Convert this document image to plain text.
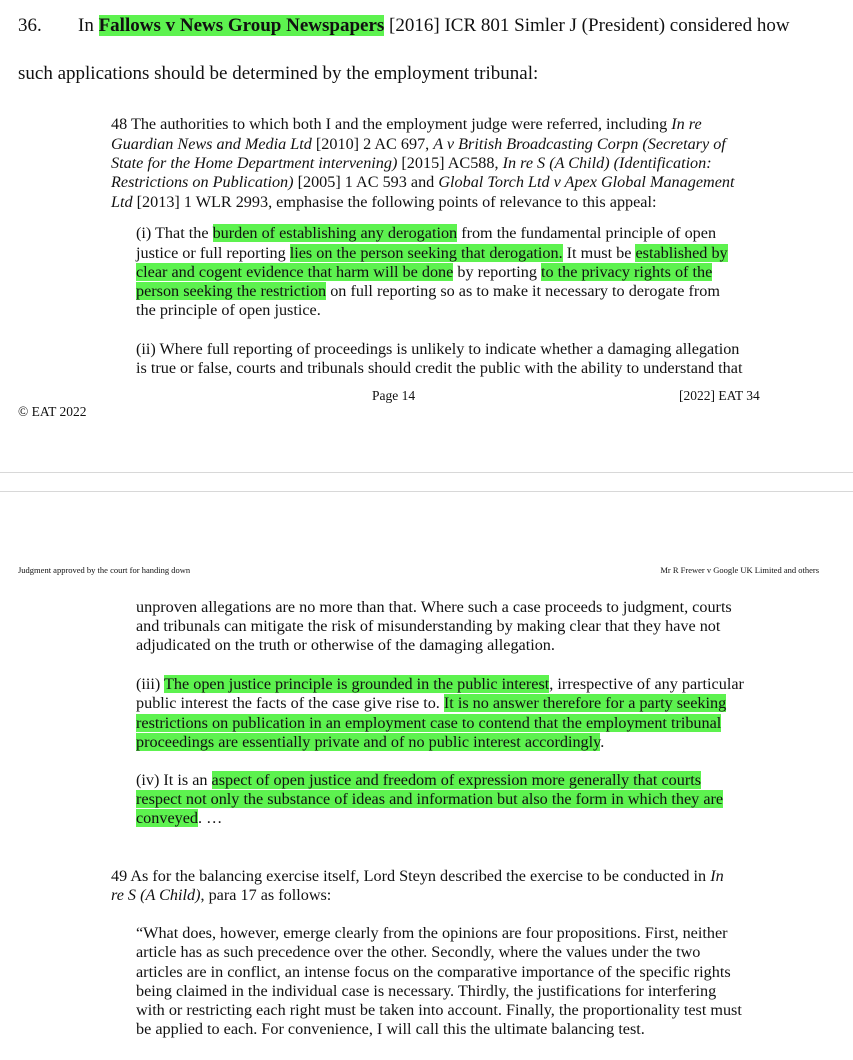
36. In Fallows v News Group Newspapers [2016] ICR 801 Simler J (President) considered how
such applications should be determined by the employment tribunal:
48 The authorities to which both I and the employment judge were referred, including In re
Guardian News and Media Ltd [2010] 2 AC 697, A v British Broadcasting Corpn (Secretary of
State for the Home Department intervening) [2015] AC588, In re S (A Child) (Identification:
Restrictions on Publication) [2005] 1 AC 593 and Global Torch Ltd v Apex Global Management
Ltd [2013] 1 WLR 2993, emphasise the following points of relevance to this appeal:
(i) That the burden of establishing any derogation from the fundamental principle of open
justice or full reporting lies on the person seeking that derogation. It must be established by
clear and cogent evidence that harm will be done by reporting to the privacy rights of the
person seeking the restriction on full reporting so as to make it necessary to derogate from
the principle of open justice.
(ii) Where full reporting of proceedings is unlikely to indicate whether a damaging allegation
is true or false, courts and tribunals should credit the public with the ability to understand that
Page 14	[2022] EAT 34
© EAT 2022
Judgment approved by the court for handing down	Mr R Frewer v Google UK Limited and others
unproven allegations are no more than that. Where such a case proceeds to judgment, courts
and tribunals can mitigate the risk of misunderstanding by making clear that they have not
adjudicated on the truth or otherwise of the damaging allegation.
(iii) The open justice principle is grounded in the public interest, irrespective of any particular
public interest the facts of the case give rise to. It is no answer therefore for a party seeking
restrictions on publication in an employment case to contend that the employment tribunal
proceedings are essentially private and of no public interest accordingly.
(iv) It is an aspect of open justice and freedom of expression more generally that courts
respect not only the substance of ideas and information but also the form in which they are
conveyed. …
49 As for the balancing exercise itself, Lord Steyn described the exercise to be conducted in In
re S (A Child), para 17 as follows:
“What does, however, emerge clearly from the opinions are four propositions. First, neither
article has as such precedence over the other. Secondly, where the values under the two
articles are in conflict, an intense focus on the comparative importance of the specific rights
being claimed in the individual case is necessary. Thirdly, the justifications for interfering
with or restricting each right must be taken into account. Finally, the proportionality test must
be applied to each. For convenience, I will call this the ultimate balancing test.
